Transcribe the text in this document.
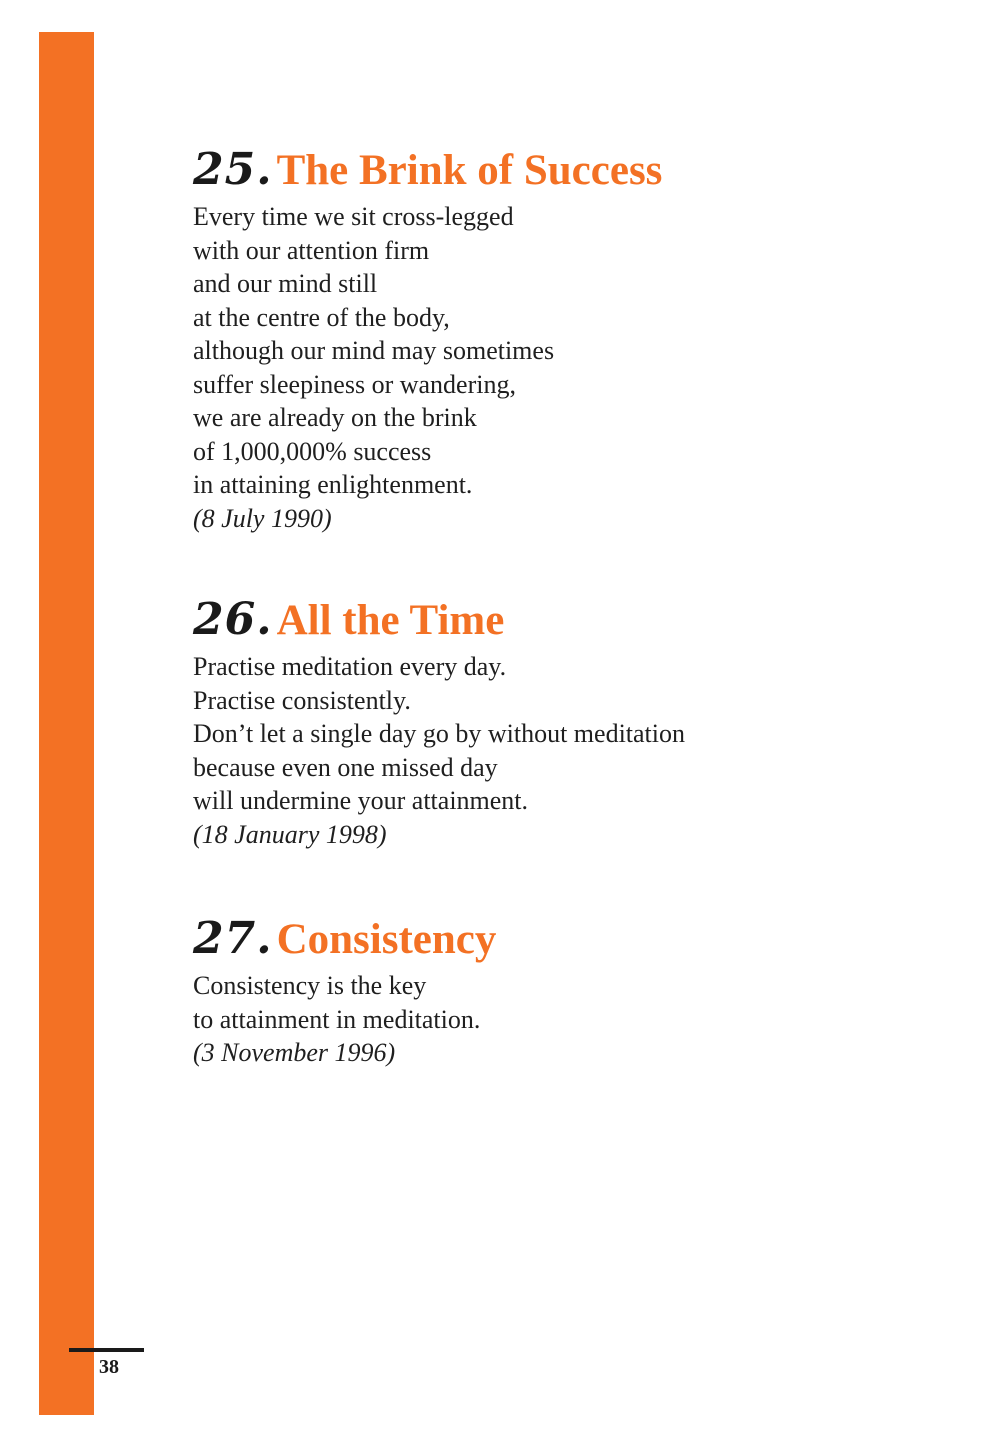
Pearls of Inner Wisdom
25.The Brink of Success
Every time we sit cross-legged
with our attention firm
and our mind still
at the centre of the body,
although our mind may sometimes
suffer sleepiness or wandering,
we are already on the brink
of 1,000,000% success
in attaining enlightenment.
(8 July 1990)
26.All the Time
Practise meditation every day.
Practise consistently.
Don’t let a single day go by without meditation
because even one missed day
will undermine your attainment.
(18 January 1998)
27.Consistency
Consistency is the key
to attainment in meditation.
(3 November 1996)
38
